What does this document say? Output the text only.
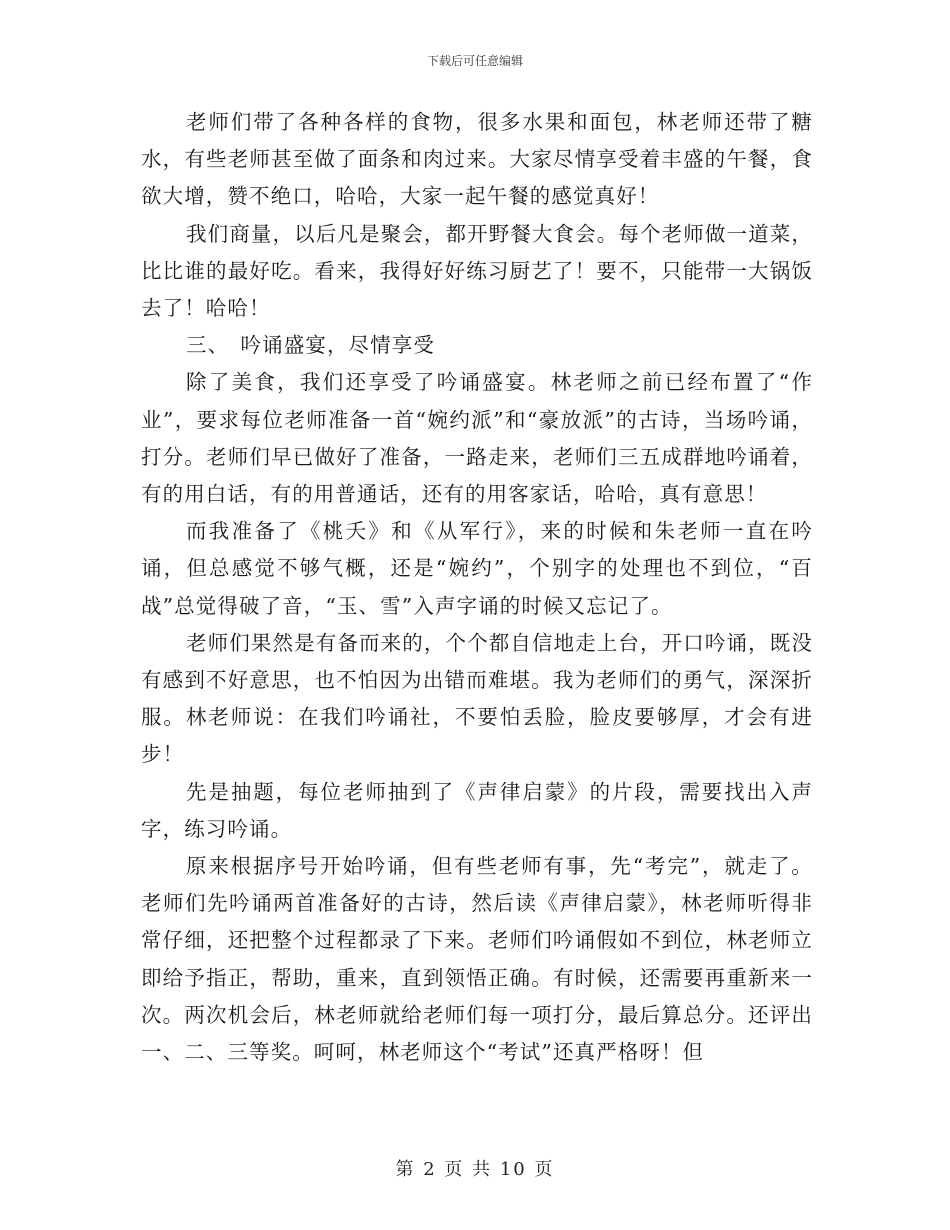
下载后可任意编辑

老师们带了各种各样的食物，很多水果和面包，林老师还带了糖水，有些老师甚至做了面条和肉过来。大家尽情享受着丰盛的午餐，食欲大增，赞不绝口，哈哈，大家一起午餐的感觉真好！

我们商量，以后凡是聚会，都开野餐大食会。每个老师做一道菜，比比谁的最好吃。看来，我得好好练习厨艺了！要不，只能带一大锅饭去了！哈哈！

三、　吟诵盛宴，尽情享受

除了美食，我们还享受了吟诵盛宴。林老师之前已经布置了“作业”，要求每位老师准备一首“婉约派”和“豪放派”的古诗，当场吟诵，打分。老师们早已做好了准备，一路走来，老师们三五成群地吟诵着，有的用白话，有的用普通话，还有的用客家话，哈哈，真有意思！

而我准备了《桃夭》和《从军行》，来的时候和朱老师一直在吟诵，但总感觉不够气概，还是“婉约”，个别字的处理也不到位，“百战”总觉得破了音，“玉、雪”入声字诵的时候又忘记了。

老师们果然是有备而来的，个个都自信地走上台，开口吟诵，既没有感到不好意思，也不怕因为出错而难堪。我为老师们的勇气，深深折服。林老师说：在我们吟诵社，不要怕丢脸，脸皮要够厚，才会有进步！

先是抽题，每位老师抽到了《声律启蒙》的片段，需要找出入声字，练习吟诵。

原来根据序号开始吟诵，但有些老师有事，先“考完”，就走了。老师们先吟诵两首准备好的古诗，然后读《声律启蒙》，林老师听得非常仔细，还把整个过程都录了下来。老师们吟诵假如不到位，林老师立即给予指正，帮助，重来，直到领悟正确。有时候，还需要再重新来一次。两次机会后，林老师就给老师们每一项打分，最后算总分。还评出一、二、三等奖。呵呵，林老师这个“考试”还真严格呀！但

第 2 页 共 10 页
